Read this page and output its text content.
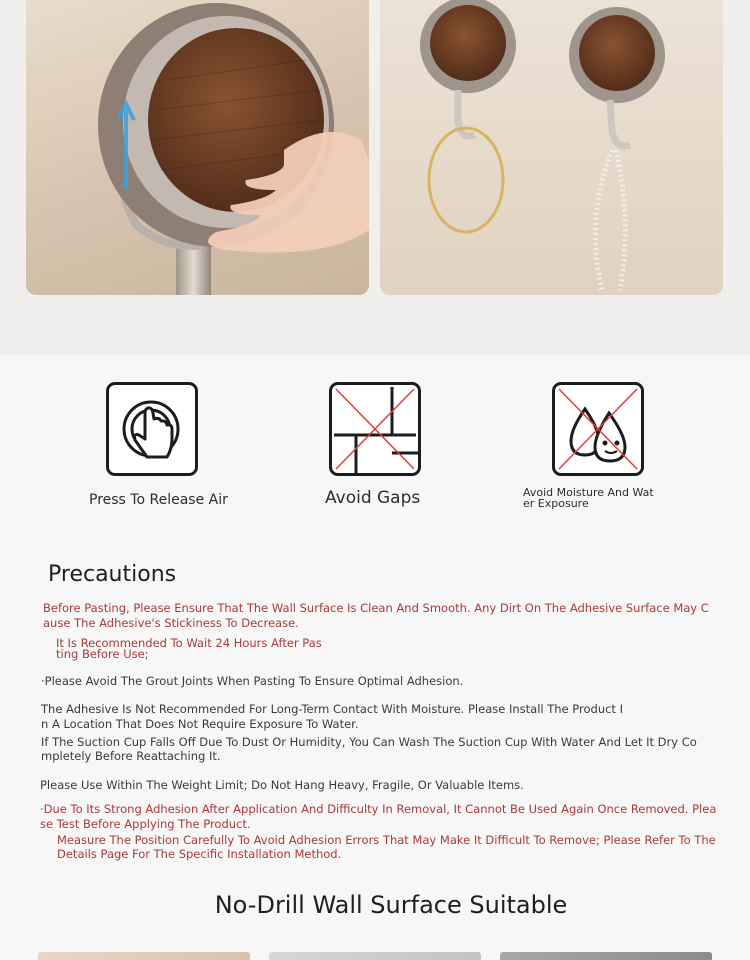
Press To Release Air	Avoid Gaps	Avoid Moisture And Wat
er Exposure
Precautions
Before Pasting, Please Ensure That The Wall Surface Is Clean And Smooth. Any Dirt On The Adhesive Surface May C
ause The Adhesive's Stickiness To Decrease.
It Is Recommended To Wait 24 Hours After Pas
ting Before Use;
·Please Avoid The Grout Joints When Pasting To Ensure Optimal Adhesion.
The Adhesive Is Not Recommended For Long-Term Contact With Moisture. Please Install The Product I
n A Location That Does Not Require Exposure To Water.
If The Suction Cup Falls Off Due To Dust Or Humidity, You Can Wash The Suction Cup With Water And Let It Dry Co
mpletely Before Reattaching It.
Please Use Within The Weight Limit; Do Not Hang Heavy, Fragile, Or Valuable Items.
·Due To Its Strong Adhesion After Application And Difficulty In Removal, It Cannot Be Used Again Once Removed. Plea
se Test Before Applying The Product.
Measure The Position Carefully To Avoid Adhesion Errors That May Make It Difficult To Remove; Please Refer To The
Details Page For The Specific Installation Method.
No-Drill Wall Surface Suitable
